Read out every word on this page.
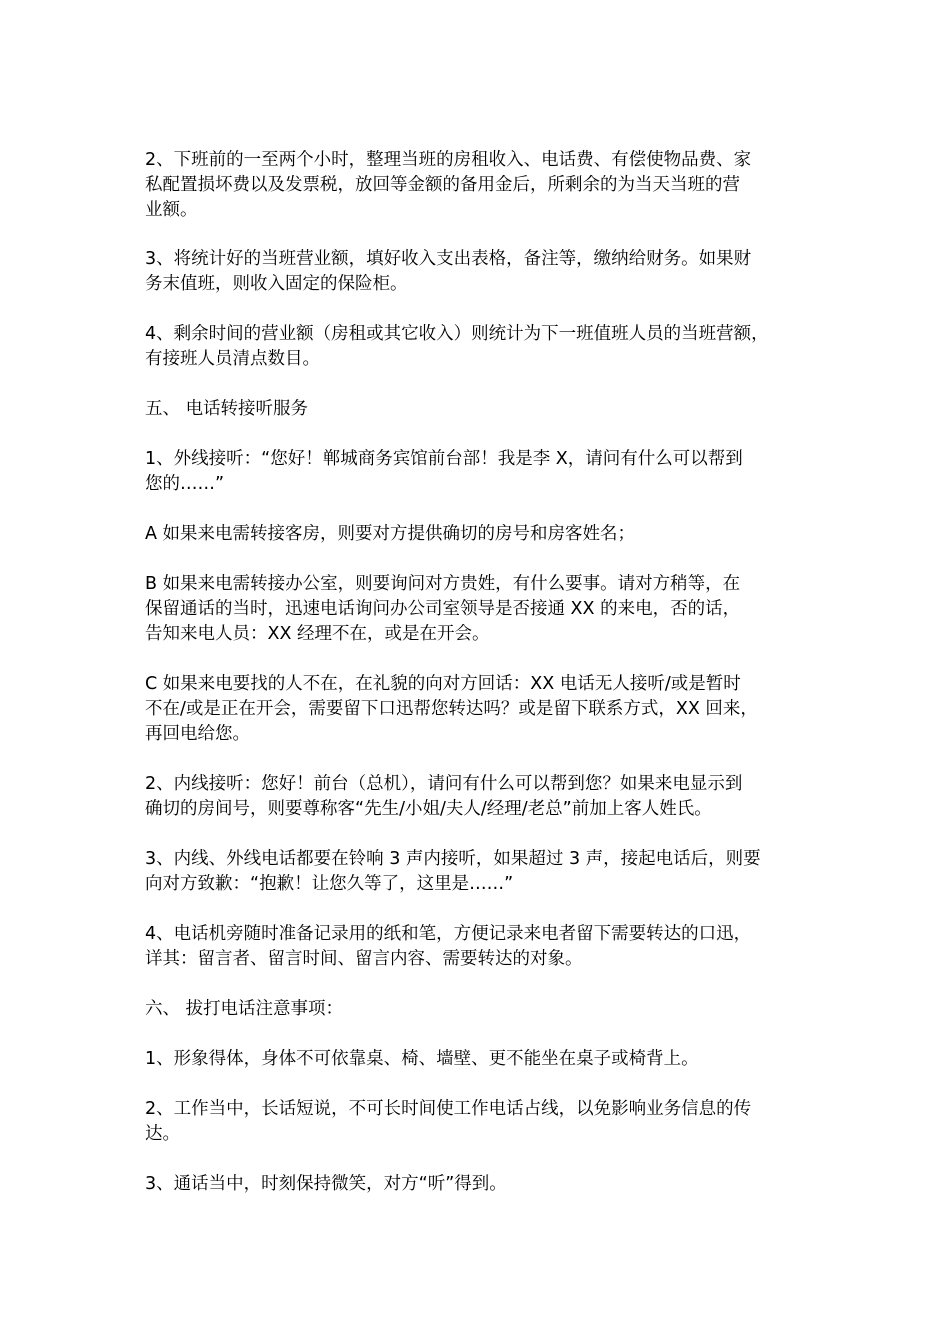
2、下班前的一至两个小时，整理当班的房租收入、电话费、有偿使物品费、家
私配置损坏费以及发票税，放回等金额的备用金后，所剩余的为当天当班的营
业额。
3、将统计好的当班营业额，填好收入支出表格，备注等，缴纳给财务。如果财
务末值班，则收入固定的保险柜。
4、剩余时间的营业额（房租或其它收入）则统计为下一班值班人员的当班营额，
有接班人员清点数目。
五、 电话转接听服务
1、外线接听：“您好！郸城商务宾馆前台部！我是李 X，请问有什么可以帮到
您的……”
A 如果来电需转接客房，则要对方提供确切的房号和房客姓名；
B 如果来电需转接办公室，则要询问对方贵姓，有什么要事。请对方稍等，在
保留通话的当时，迅速电话询问办公司室领导是否接通 XX 的来电，否的话，
告知来电人员：XX 经理不在，或是在开会。
C 如果来电要找的人不在，在礼貌的向对方回话：XX 电话无人接听/或是暂时
不在/或是正在开会，需要留下口迅帮您转达吗？或是留下联系方式，XX 回来，
再回电给您。
2、内线接听：您好！前台（总机），请问有什么可以帮到您？如果来电显示到
确切的房间号，则要尊称客“先生/小姐/夫人/经理/老总”前加上客人姓氏。
3、内线、外线电话都要在铃响 3 声内接听，如果超过 3 声，接起电话后，则要
向对方致歉：“抱歉！让您久等了，这里是……”
4、电话机旁随时准备记录用的纸和笔，方便记录来电者留下需要转达的口迅，
详其：留言者、留言时间、留言内容、需要转达的对象。
六、 拔打电话注意事项：
1、形象得体，身体不可依靠桌、椅、墙壁、更不能坐在桌子或椅背上。
2、工作当中，长话短说，不可长时间使工作电话占线，以免影响业务信息的传
达。
3、通话当中，时刻保持微笑，对方“听”得到。
